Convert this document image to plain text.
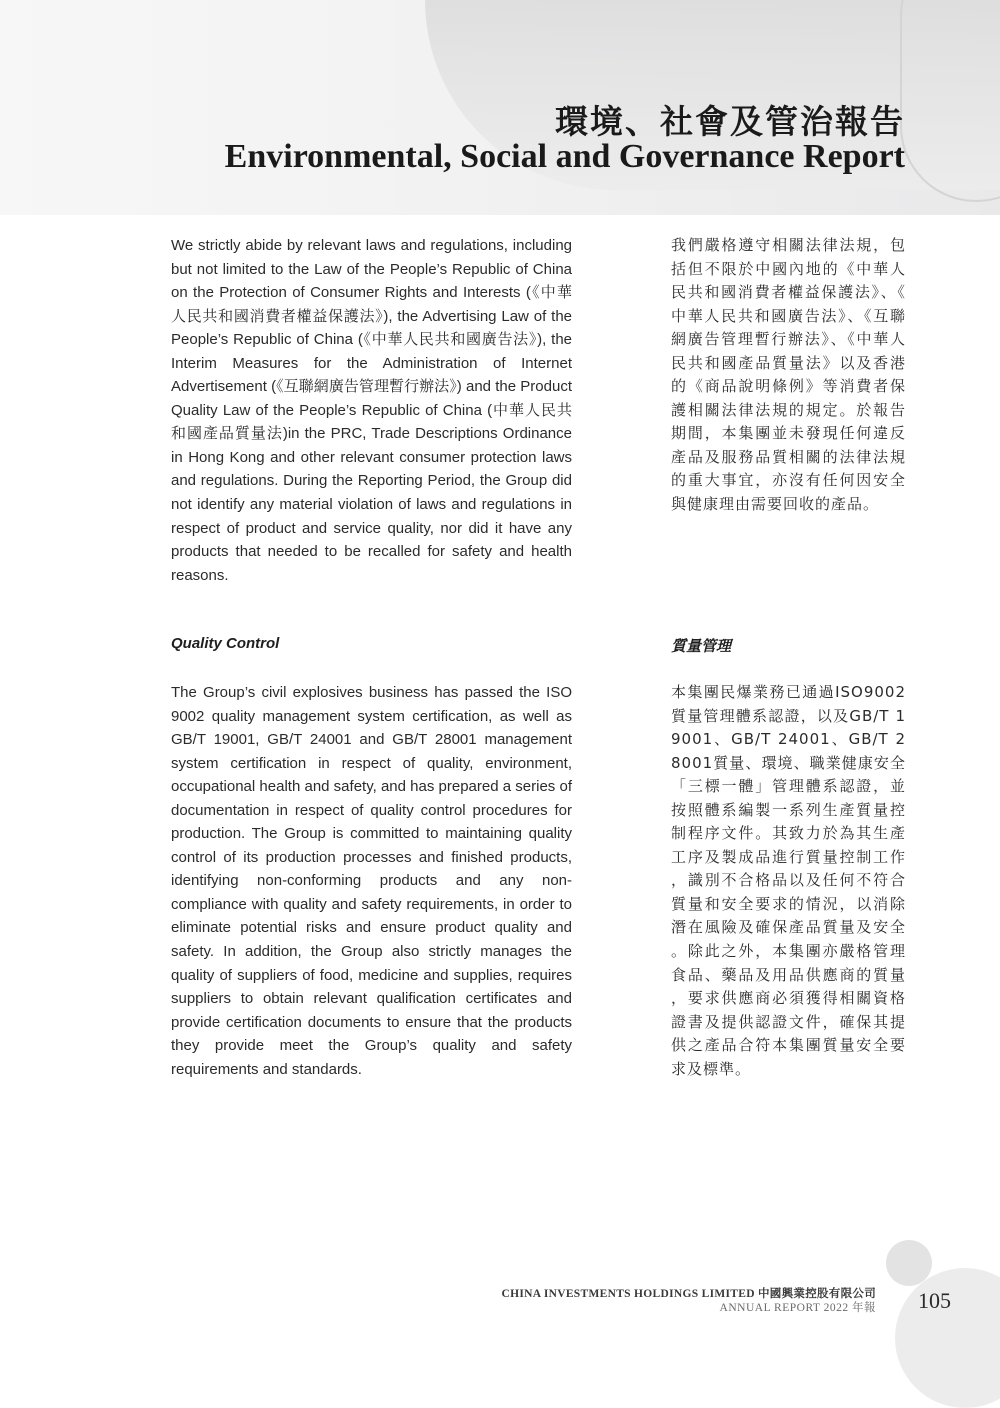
環境、社會及管治報告
Environmental, Social and Governance Report

We strictly abide by relevant laws and regulations, including but not limited to the Law of the People’s Republic of China on the Protection of Consumer Rights and Interests (《中華人民共和國消費者權益保護法》), the Advertising Law of the People’s Republic of China (《中華人民共和國廣告法》), the Interim Measures for the Administration of Internet Advertisement (《互聯網廣告管理暫行辦法》) and the Product Quality Law of the People’s Republic of China (中華人民共和國產品質量法)in the PRC, Trade Descriptions Ordinance in Hong Kong and other relevant consumer protection laws and regulations. During the Reporting Period, the Group did not identify any material violation of laws and regulations in respect of product and service quality, nor did it have any products that needed to be recalled for safety and health reasons.

我們嚴格遵守相關法律法規，包括但不限於中國內地的《中華人民共和國消費者權益保護法》、《中華人民共和國廣告法》、《互聯網廣告管理暫行辦法》、《中華人民共和國產品質量法》以及香港的《商品說明條例》等消費者保護相關法律法規的規定。於報告期間，本集團並未發現任何違反產品及服務品質相關的法律法規的重大事宜，亦沒有任何因安全與健康理由需要回收的產品。

Quality Control	質量管理

The Group’s civil explosives business has passed the ISO 9002 quality management system certification, as well as GB/T 19001, GB/T 24001 and GB/T 28001 management system certification in respect of quality, environment, occupational health and safety, and has prepared a series of documentation in respect of quality control procedures for production. The Group is committed to maintaining quality control of its production processes and finished products, identifying non-conforming products and any non-compliance with quality and safety requirements, in order to eliminate potential risks and ensure product quality and safety. In addition, the Group also strictly manages the quality of suppliers of food, medicine and supplies, requires suppliers to obtain relevant qualification certificates and provide certification documents to ensure that the products they provide meet the Group’s quality and safety requirements and standards.

本集團民爆業務已通過ISO9002質量管理體系認證，以及GB/T 19001、GB/T 24001、GB/T 28001質量、環境、職業健康安全「三標一體」管理體系認證，並按照體系編製一系列生產質量控制程序文件。其致力於為其生產工序及製成品進行質量控制工作，識別不合格品以及任何不符合質量和安全要求的情況，以消除潛在風險及確保產品質量及安全。除此之外，本集團亦嚴格管理食品、藥品及用品供應商的質量，要求供應商必須獲得相關資格證書及提供認證文件，確保其提供之產品合符本集團質量安全要求及標準。

CHINA INVESTMENTS HOLDINGS LIMITED 中國興業控股有限公司

ANNUAL REPORT 2022 年報 105
